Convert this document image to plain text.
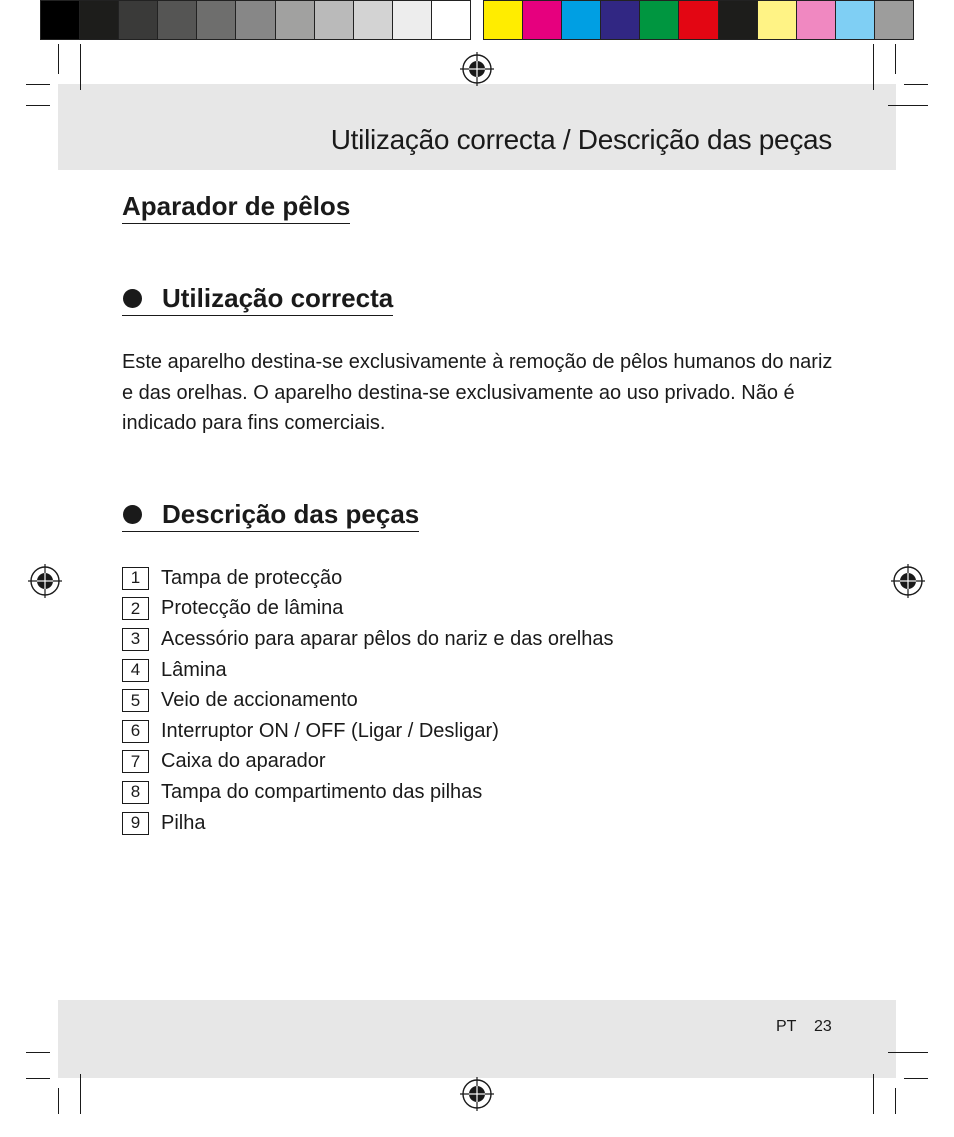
Utilização correcta / Descrição das peças
Aparador de pêlos
Utilização correcta
Este aparelho destina-se exclusivamente à remoção de pêlos humanos do nariz e das orelhas. O aparelho destina-se exclusivamente ao uso privado. Não é indicado para fins comerciais.
Descrição das peças
1	Tampa de protecção
2	Protecção de lâmina
3	Acessório para aparar pêlos do nariz e das orelhas
4	Lâmina
5	Veio de accionamento
6	Interruptor ON / OFF (Ligar / Desligar)
7	Caixa do aparador
8	Tampa do compartimento das pilhas
9	Pilha
PT 23
